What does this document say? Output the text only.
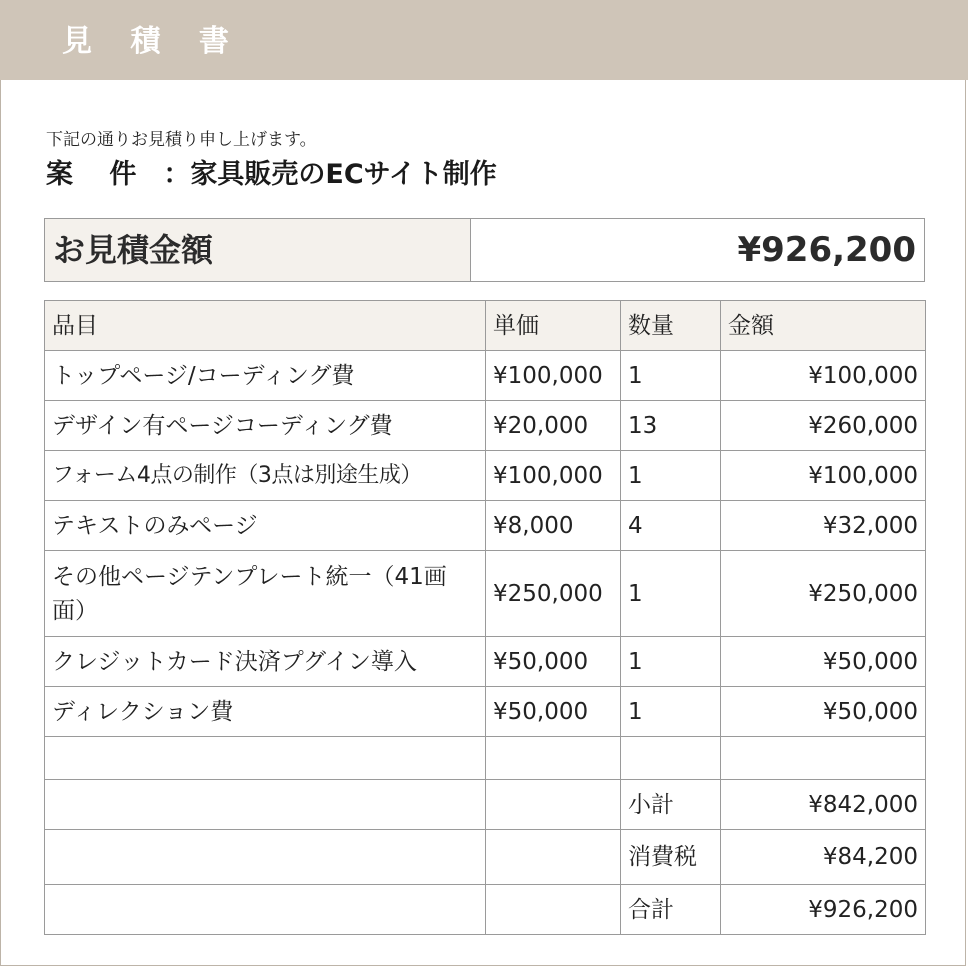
見 積 書
下記の通りお見積り申し上げます。
案　 件　：家具販売のECサイト制作
お見積金額	¥926,200
品目	単価	数量	金額
トップページ/コーディング費	¥100,000	1	¥100,000
デザイン有ページコーディング費	¥20,000	13	¥260,000
フォーム4点の制作（3点は別途生成）	¥100,000	1	¥100,000
テキストのみページ	¥8,000	4	¥32,000
その他ページテンプレート統一（41画面）	¥250,000	1	¥250,000
クレジットカード決済プグイン導入	¥50,000	1	¥50,000
ディレクション費	¥50,000	1	¥50,000

		小計	¥842,000
		消費税	¥84,200
		合計	¥926,200
